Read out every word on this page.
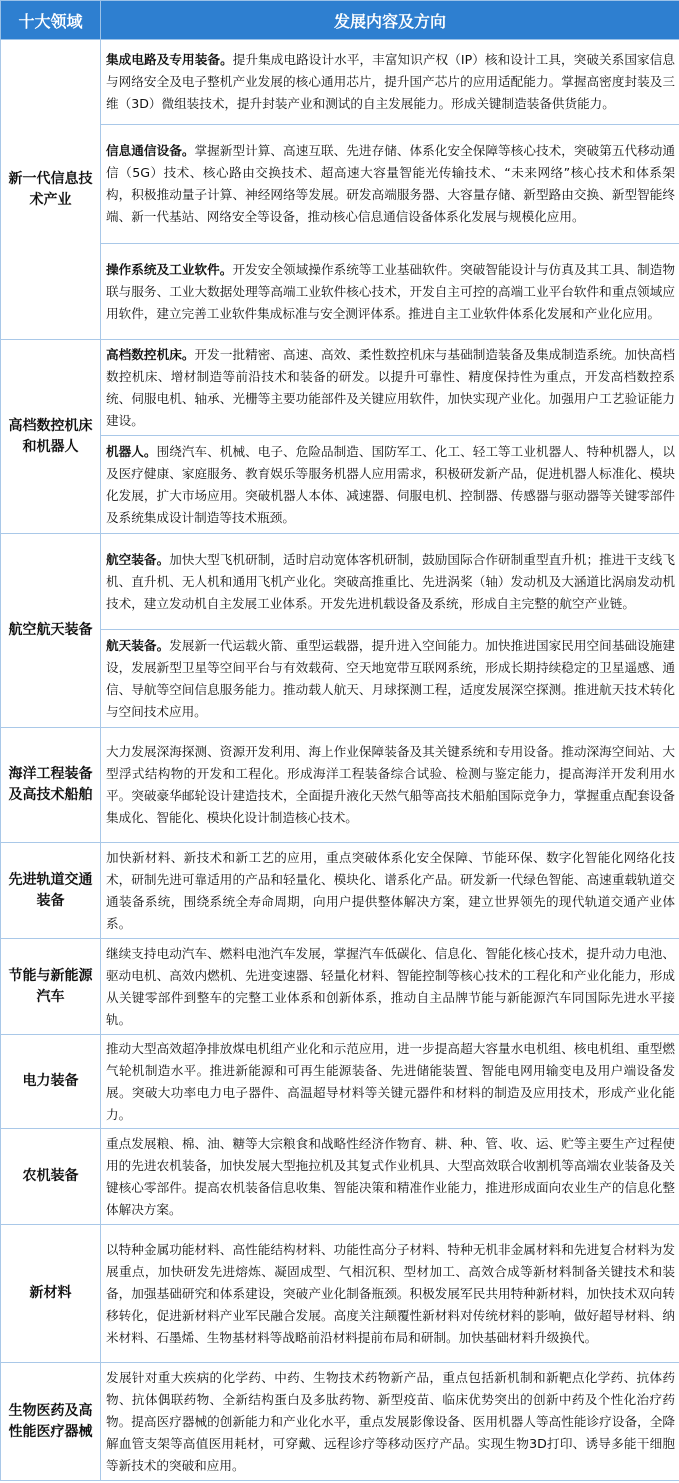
十大领域	发展内容及方向
新一代信息技术产业	集成电路及专用装备。提升集成电路设计水平，丰富知识产权（IP）核和设计工具，突破关系国家信息与网络安全及电子整机产业发展的核心通用芯片，提升国产芯片的应用适配能力。掌握高密度封装及三维（3D）微组装技术，提升封装产业和测试的自主发展能力。形成关键制造装备供货能力。
	信息通信设备。掌握新型计算、高速互联、先进存储、体系化安全保障等核心技术，突破第五代移动通信（5G）技术、核心路由交换技术、超高速大容量智能光传输技术、“未来网络”核心技术和体系架构，积极推动量子计算、神经网络等发展。研发高端服务器、大容量存储、新型路由交换、新型智能终端、新一代基站、网络安全等设备，推动核心信息通信设备体系化发展与规模化应用。
	操作系统及工业软件。开发安全领域操作系统等工业基础软件。突破智能设计与仿真及其工具、制造物联与服务、工业大数据处理等高端工业软件核心技术，开发自主可控的高端工业平台软件和重点领域应用软件，建立完善工业软件集成标准与安全测评体系。推进自主工业软件体系化发展和产业化应用。
高档数控机床和机器人	高档数控机床。开发一批精密、高速、高效、柔性数控机床与基础制造装备及集成制造系统。加快高档数控机床、增材制造等前沿技术和装备的研发。以提升可靠性、精度保持性为重点，开发高档数控系统、伺服电机、轴承、光栅等主要功能部件及关键应用软件，加快实现产业化。加强用户工艺验证能力建设。
	机器人。围绕汽车、机械、电子、危险品制造、国防军工、化工、轻工等工业机器人、特种机器人，以及医疗健康、家庭服务、教育娱乐等服务机器人应用需求，积极研发新产品，促进机器人标准化、模块化发展，扩大市场应用。突破机器人本体、减速器、伺服电机、控制器、传感器与驱动器等关键零部件及系统集成设计制造等技术瓶颈。
航空航天装备	航空装备。加快大型飞机研制，适时启动宽体客机研制，鼓励国际合作研制重型直升机；推进干支线飞机、直升机、无人机和通用飞机产业化。突破高推重比、先进涡桨（轴）发动机及大涵道比涡扇发动机技术，建立发动机自主发展工业体系。开发先进机载设备及系统，形成自主完整的航空产业链。
	航天装备。发展新一代运载火箭、重型运载器，提升进入空间能力。加快推进国家民用空间基础设施建设，发展新型卫星等空间平台与有效载荷、空天地宽带互联网系统，形成长期持续稳定的卫星遥感、通信、导航等空间信息服务能力。推动载人航天、月球探测工程，适度发展深空探测。推进航天技术转化与空间技术应用。
海洋工程装备及高技术船舶	大力发展深海探测、资源开发利用、海上作业保障装备及其关键系统和专用设备。推动深海空间站、大型浮式结构物的开发和工程化。形成海洋工程装备综合试验、检测与鉴定能力，提高海洋开发利用水平。突破豪华邮轮设计建造技术，全面提升液化天然气船等高技术船舶国际竞争力，掌握重点配套设备集成化、智能化、模块化设计制造核心技术。
先进轨道交通装备	加快新材料、新技术和新工艺的应用，重点突破体系化安全保障、节能环保、数字化智能化网络化技术，研制先进可靠适用的产品和轻量化、模块化、谱系化产品。研发新一代绿色智能、高速重载轨道交通装备系统，围绕系统全寿命周期，向用户提供整体解决方案，建立世界领先的现代轨道交通产业体系。
节能与新能源汽车	继续支持电动汽车、燃料电池汽车发展，掌握汽车低碳化、信息化、智能化核心技术，提升动力电池、驱动电机、高效内燃机、先进变速器、轻量化材料、智能控制等核心技术的工程化和产业化能力，形成从关键零部件到整车的完整工业体系和创新体系，推动自主品牌节能与新能源汽车同国际先进水平接轨。
电力装备	推动大型高效超净排放煤电机组产业化和示范应用，进一步提高超大容量水电机组、核电机组、重型燃气轮机制造水平。推进新能源和可再生能源装备、先进储能装置、智能电网用输变电及用户端设备发展。突破大功率电力电子器件、高温超导材料等关键元器件和材料的制造及应用技术，形成产业化能力。
农机装备	重点发展粮、棉、油、糖等大宗粮食和战略性经济作物育、耕、种、管、收、运、贮等主要生产过程使用的先进农机装备，加快发展大型拖拉机及其复式作业机具、大型高效联合收割机等高端农业装备及关键核心零部件。提高农机装备信息收集、智能决策和精准作业能力，推进形成面向农业生产的信息化整体解决方案。
新材料	以特种金属功能材料、高性能结构材料、功能性高分子材料、特种无机非金属材料和先进复合材料为发展重点，加快研发先进熔炼、凝固成型、气相沉积、型材加工、高效合成等新材料制备关键技术和装备，加强基础研究和体系建设，突破产业化制备瓶颈。积极发展军民共用特种新材料，加快技术双向转移转化，促进新材料产业军民融合发展。高度关注颠覆性新材料对传统材料的影响，做好超导材料、纳米材料、石墨烯、生物基材料等战略前沿材料提前布局和研制。加快基础材料升级换代。
生物医药及高性能医疗器械	发展针对重大疾病的化学药、中药、生物技术药物新产品，重点包括新机制和新靶点化学药、抗体药物、抗体偶联药物、全新结构蛋白及多肽药物、新型疫苗、临床优势突出的创新中药及个性化治疗药物。提高医疗器械的创新能力和产业化水平，重点发展影像设备、医用机器人等高性能诊疗设备，全降解血管支架等高值医用耗材，可穿戴、远程诊疗等移动医疗产品。实现生物3D打印、诱导多能干细胞等新技术的突破和应用。
